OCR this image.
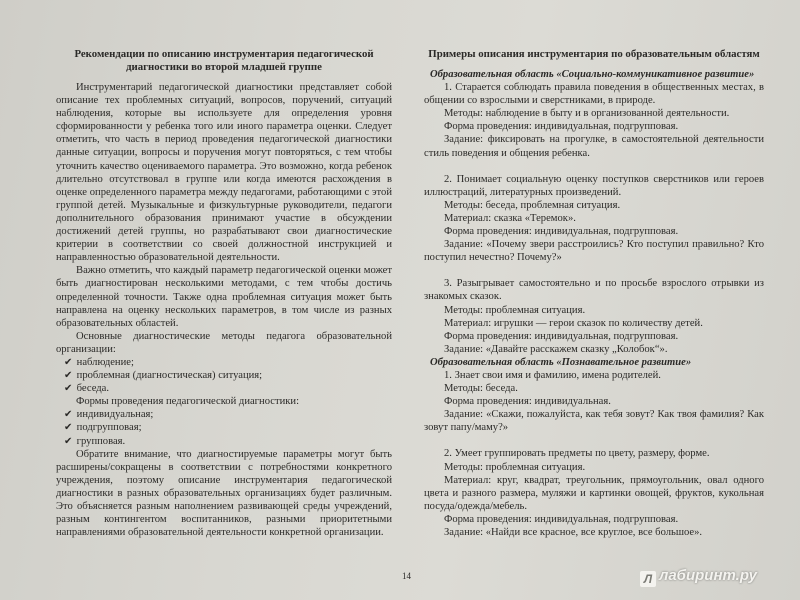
Рекомендации по описанию инструментария педагогической
диагностики во второй младшей группе

Инструментарий педагогической диагностики представляет собой описание тех проблемных ситуаций, вопросов, поручений, ситуаций наблюдения, которые вы используете для определения уровня сформированности у ребенка того или иного параметра оценки. Следует отметить, что часть в период проведения педагогической диагностики данные ситуации, вопросы и поручения могут повторяться, с тем чтобы уточнить качество оцениваемого параметра. Это возможно, когда ребенок длительно отсутствовал в группе или когда имеются расхождения в оценке определенного параметра между педагогами, работающими с этой группой детей. Музыкальные и физкультурные руководители, педагоги дополнительного образования принимают участие в обсуждении достижений детей группы, но разрабатывают свои диагностические критерии в соответствии со своей должностной инструкцией и направленностью образовательной деятельности.

Важно отметить, что каждый параметр педагогической оценки может быть диагностирован несколькими методами, с тем чтобы достичь определенной точности. Также одна проблемная ситуация может быть направлена на оценку нескольких параметров, в том числе из разных образовательных областей.

Основные диагностические методы педагога образовательной организации:

✔ наблюдение;
✔ проблемная (диагностическая) ситуация;
✔ беседа.

Формы проведения педагогической диагностики:

✔ индивидуальная;
✔ подгрупповая;
✔ групповая.

Обратите внимание, что диагностируемые параметры могут быть расширены/сокращены в соответствии с потребностями конкретного учреждения, поэтому описание инструментария педагогической диагностики в разных образовательных организациях будет различным. Это объясняется разным наполнением развивающей среды учреждений, разным контингентом воспитанников, разными приоритетными направлениями образовательной деятельности конкретной организации.

Примеры описания инструментария по образовательным областям

Образовательная область «Социально-коммуникативное развитие»

1. Старается соблюдать правила поведения в общественных местах, в общении со взрослыми и сверстниками, в природе.

Методы: наблюдение в быту и в организованной деятельности.

Форма проведения: индивидуальная, подгрупповая.

Задание: фиксировать на прогулке, в самостоятельной деятельности стиль поведения и общения ребенка.

2. Понимает социальную оценку поступков сверстников или героев иллюстраций, литературных произведений.

Методы: беседа, проблемная ситуация.

Материал: сказка «Теремок».

Форма проведения: индивидуальная, подгрупповая.

Задание: «Почему звери расстроились? Кто поступил правильно? Кто поступил нечестно? Почему?»

3. Разыгрывает самостоятельно и по просьбе взрослого отрывки из знакомых сказок.

Методы: проблемная ситуация.

Материал: игрушки — герои сказок по количеству детей.

Форма проведения: индивидуальная, подгрупповая.

Задание: «Давайте расскажем сказку „Колобок“».

Образовательная область «Познавательное развитие»

1. Знает свои имя и фамилию, имена родителей.

Методы: беседа.

Форма проведения: индивидуальная.

Задание: «Скажи, пожалуйста, как тебя зовут? Как твоя фамилия? Как зовут папу/маму?»

2. Умеет группировать предметы по цвету, размеру, форме.

Методы: проблемная ситуация.

Материал: круг, квадрат, треугольник, прямоугольник, овал одного цвета и разного размера, муляжи и картинки овощей, фруктов, кукольная посуда/одежда/мебель.

Форма проведения: индивидуальная, подгрупповая.

Задание: «Найди все красное, все круглое, все большое».

14	Л лабиринт.ру
